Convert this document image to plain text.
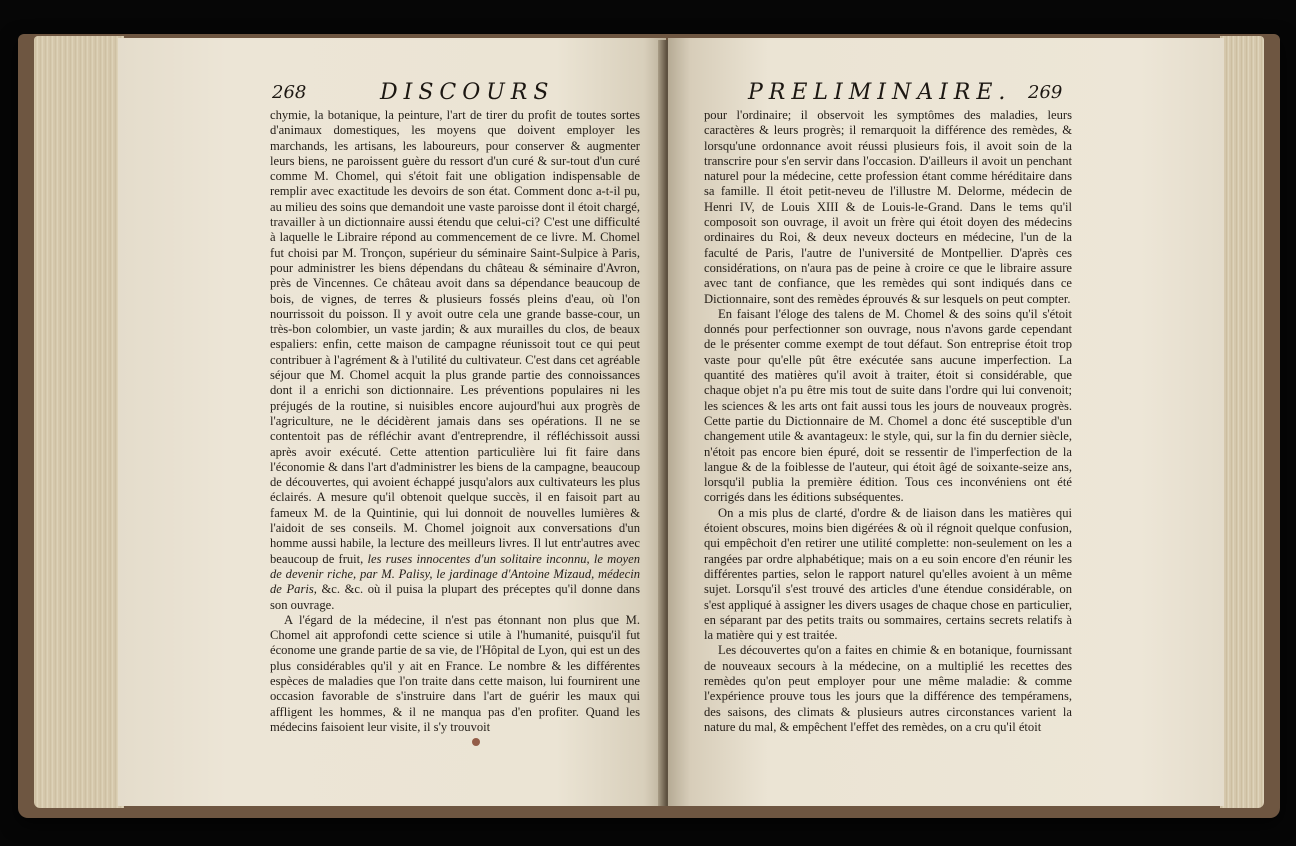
268	DISCOURS

chymie, la botanique, la peinture, l'art de tirer du profit de toutes sortes d'animaux domestiques, les moyens que doivent employer les marchands, les artisans, les laboureurs, pour conserver & augmenter leurs biens, ne paroissent guère du ressort d'un curé & sur-tout d'un curé comme M. Chomel, qui s'étoit fait une obligation indispensable de remplir avec exactitude les devoirs de son état. Comment donc a-t-il pu, au milieu des soins que demandoit une vaste paroisse dont il étoit chargé, travailler à un dictionnaire aussi étendu que celui-ci? C'est une difficulté à laquelle le Libraire répond au commencement de ce livre. M. Chomel fut choisi par M. Tronçon, supérieur du séminaire Saint-Sulpice à Paris, pour administrer les biens dépendans du château & séminaire d'Avron, près de Vincennes. Ce château avoit dans sa dépendance beaucoup de bois, de vignes, de terres & plusieurs fossés pleins d'eau, où l'on nourrissoit du poisson. Il y avoit outre cela une grande basse-cour, un très-bon colombier, un vaste jardin; & aux murailles du clos, de beaux espaliers: enfin, cette maison de campagne réunissoit tout ce qui peut contribuer à l'agrément & à l'utilité du cultivateur. C'est dans cet agréable séjour que M. Chomel acquit la plus grande partie des connoissances dont il a enrichi son dictionnaire. Les préventions populaires ni les préjugés de la routine, si nuisibles encore aujourd'hui aux progrès de l'agriculture, ne le décidèrent jamais dans ses opérations. Il ne se contentoit pas de réfléchir avant d'entreprendre, il réfléchissoit aussi après avoir exécuté. Cette attention particulière lui fit faire dans l'économie & dans l'art d'administrer les biens de la campagne, beaucoup de découvertes, qui avoient échappé jusqu'alors aux cultivateurs les plus éclairés. A mesure qu'il obtenoit quelque succès, il en faisoit part au fameux M. de la Quintinie, qui lui donnoit de nouvelles lumières & l'aidoit de ses conseils. M. Chomel joignoit aux conversations d'un homme aussi habile, la lecture des meilleurs livres. Il lut entr'autres avec beaucoup de fruit, les ruses innocentes d'un solitaire inconnu, le moyen de devenir riche, par M. Palisy, le jardinage d'Antoine Mizaud, médecin de Paris, &c. &c. où il puisa la plupart des préceptes qu'il donne dans son ouvrage.

A l'égard de la médecine, il n'est pas étonnant non plus que M. Chomel ait approfondi cette science si utile à l'humanité, puisqu'il fut économe une grande partie de sa vie, de l'Hôpital de Lyon, qui est un des plus considérables qu'il y ait en France. Le nombre & les différentes espèces de maladies que l'on traite dans cette maison, lui fournirent une occasion favorable de s'instruire dans l'art de guérir les maux qui affligent les hommes, & il ne manqua pas d'en profiter. Quand les médecins faisoient leur visite, il s'y trouvoit

PRELIMINAIRE. 269

pour l'ordinaire; il observoit les symptômes des maladies, leurs caractères & leurs progrès; il remarquoit la différence des remèdes, & lorsqu'une ordonnance avoit réussi plusieurs fois, il avoit soin de la transcrire pour s'en servir dans l'occasion. D'ailleurs il avoit un penchant naturel pour la médecine, cette profession étant comme héréditaire dans sa famille. Il étoit petit-neveu de l'illustre M. Delorme, médecin de Henri IV, de Louis XIII & de Louis-le-Grand. Dans le tems qu'il composoit son ouvrage, il avoit un frère qui étoit doyen des médecins ordinaires du Roi, & deux neveux docteurs en médecine, l'un de la faculté de Paris, l'autre de l'université de Montpellier. D'après ces considérations, on n'aura pas de peine à croire ce que le libraire assure avec tant de confiance, que les remèdes qui sont indiqués dans ce Dictionnaire, sont des remèdes éprouvés & sur lesquels on peut compter.

En faisant l'éloge des talens de M. Chomel & des soins qu'il s'étoit donnés pour perfectionner son ouvrage, nous n'avons garde cependant de le présenter comme exempt de tout défaut. Son entreprise étoit trop vaste pour qu'elle pût être exécutée sans aucune imperfection. La quantité des matières qu'il avoit à traiter, étoit si considérable, que chaque objet n'a pu être mis tout de suite dans l'ordre qui lui convenoit; les sciences & les arts ont fait aussi tous les jours de nouveaux progrès. Cette partie du Dictionnaire de M. Chomel a donc été susceptible d'un changement utile & avantageux: le style, qui, sur la fin du dernier siècle, n'étoit pas encore bien épuré, doit se ressentir de l'imperfection de la langue & de la foiblesse de l'auteur, qui étoit âgé de soixante-seize ans, lorsqu'il publia la première édition. Tous ces inconvéniens ont été corrigés dans les éditions subséquentes.

On a mis plus de clarté, d'ordre & de liaison dans les matières qui étoient obscures, moins bien digérées & où il régnoit quelque confusion, qui empêchoit d'en retirer une utilité complette: non-seulement on les a rangées par ordre alphabétique; mais on a eu soin encore d'en réunir les différentes parties, selon le rapport naturel qu'elles avoient à un même sujet. Lorsqu'il s'est trouvé des articles d'une étendue considérable, on s'est appliqué à assigner les divers usages de chaque chose en particulier, en séparant par des petits traits ou sommaires, certains secrets relatifs à la matière qui y est traitée.

Les découvertes qu'on a faites en chimie & en botanique, fournissant de nouveaux secours à la médecine, on a multiplié les recettes des remèdes qu'on peut employer pour une même maladie: & comme l'expérience prouve tous les jours que la différence des tempéramens, des saisons, des climats & plusieurs autres circonstances varient la nature du mal, & empêchent l'effet des remèdes, on a cru qu'il étoit
